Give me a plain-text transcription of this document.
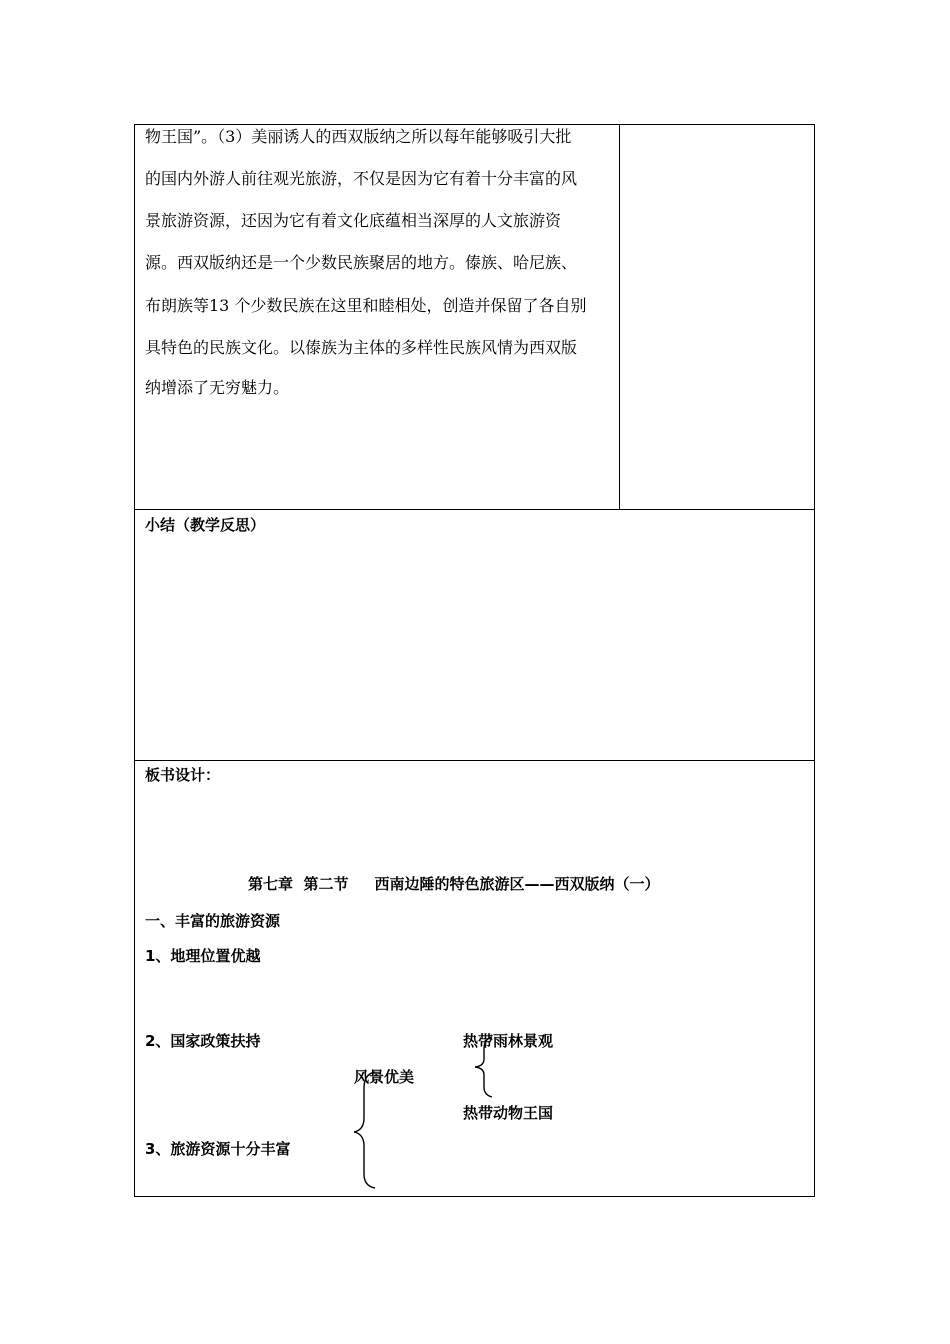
物王国”。（3）美丽诱人的西双版纳之所以每年能够吸引大批
的国内外游人前往观光旅游，不仅是因为它有着十分丰富的风
景旅游资源，还因为它有着文化底蕴相当深厚的人文旅游资
源。西双版纳还是一个少数民族聚居的地方。傣族、哈尼族、
布朗族等13 个少数民族在这里和睦相处，创造并保留了各自别
具特色的民族文化。以傣族为主体的多样性民族风情为西双版
纳增添了无穷魅力。
小结（教学反思）
板书设计：
第七章  第二节     西南边陲的特色旅游区——西双版纳（一）
一、丰富的旅游资源
1、地理位置优越
2、国家政策扶持
3、旅游资源十分丰富
风景优美
热带雨林景观
热带动物王国
